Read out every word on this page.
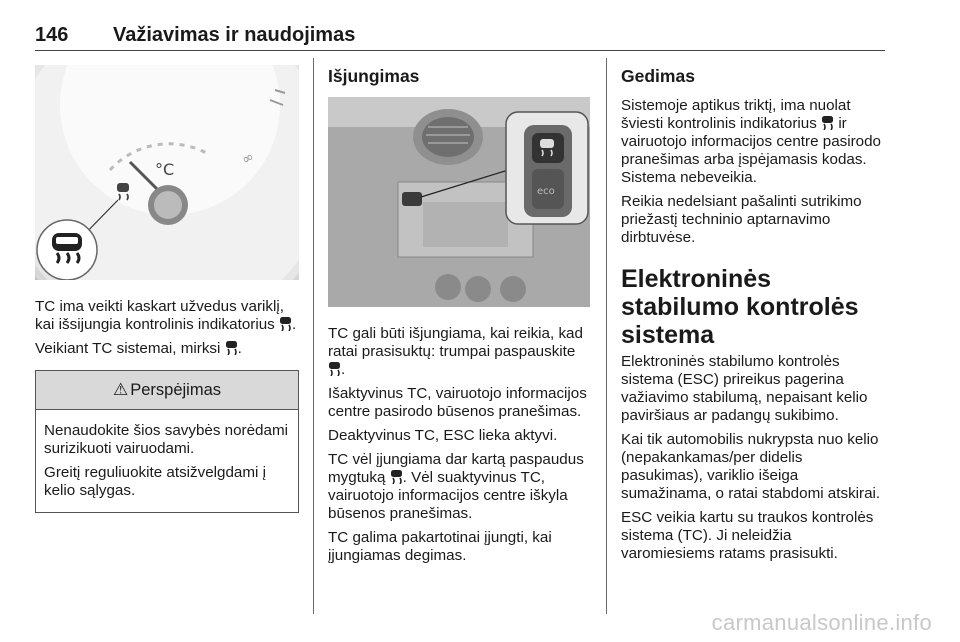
146 Važiavimas ir naudojimas
∞
°C

TC ima veikti kaskart užvedus variklį, kai išsijungia kontrolinis indikatorius .

Veikiant TC sistemai, mirksi .

⚠ Perspėjimas

Nenaudokite šios savybės norėdami surizikuoti vairuodami.

Greitį reguliuokite atsižvelgdami į kelio sąlygas.

Išjungimas
eco

TC gali būti išjungiama, kai reikia, kad ratai prasisuktų: trumpai paspauskite .

Išaktyvinus TC, vairuotojo informacijos centre pasirodo būsenos pranešimas.

Deaktyvinus TC, ESC lieka aktyvi.

TC vėl įjungiama dar kartą paspaudus mygtuką . Vėl suaktyvinus TC, vairuotojo informacijos centre iškyla būsenos pranešimas.

TC galima pakartotinai įjungti, kai įjungiamas degimas.

Gedimas

Sistemoje aptikus triktį, ima nuolat šviesti kontrolinis indikatorius ir vairuotojo informacijos centre pasirodo pranešimas arba įspėjamasis kodas. Sistema nebeveikia.

Reikia nedelsiant pašalinti sutrikimo priežastį techninio aptarnavimo dirbtuvėse.

Elektroninės stabilumo kontrolės sistema

Elektroninės stabilumo kontrolės sistema (ESC) prireikus pagerina važiavimo stabilumą, nepaisant kelio paviršiaus ar padangų sukibimo.

Kai tik automobilis nukrypsta nuo kelio (nepakankamas/per didelis pasukimas), variklio išeiga sumažinama, o ratai stabdomi atskirai.

ESC veikia kartu su traukos kontrolės sistema (TC). Ji neleidžia varomiesiems ratams prasisukti.

carmanualsonline.info
